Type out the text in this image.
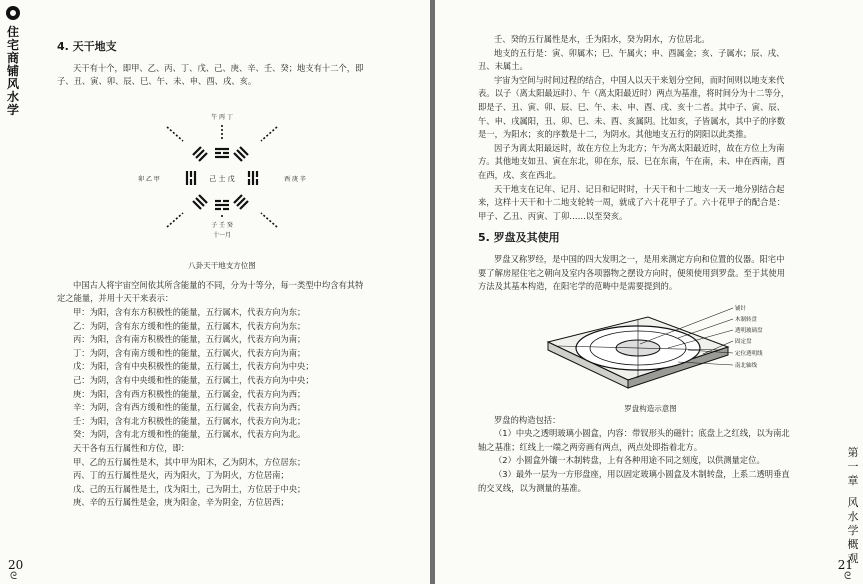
住宅商铺风水学
4. 天干地支

天干有十个，即甲、乙、丙、丁、戊、己、庚、辛、壬、癸；地支有十二个，即

子、丑、寅、卯、辰、巳、午、未、申、酉、戌、亥。

己 土 戊
午 丙 丁
子 壬 癸
十一月
卯 乙 甲	酉 庚 辛
八卦天干地支方位图

中国古人将宇宙空间依其所含能量的不同，分为十等分，每一类型中均含有其特

定之能量，并用十天干来表示：

甲：为阳，含有东方积极性的能量，五行属木，代表方向为东；

乙：为阴，含有东方缓和性的能量，五行属木，代表方向为东；

丙：为阳，含有南方积极性的能量，五行属火，代表方向为南；

丁：为阴，含有南方缓和性的能量，五行属火，代表方向为南；

戊：为阳，含有中央积极性的能量，五行属土，代表方向为中央；

己：为阴，含有中央缓和性的能量，五行属土，代表方向为中央；

庚：为阳，含有西方积极性的能量，五行属金，代表方向为西；

辛：为阴，含有西方缓和性的能量，五行属金，代表方向为西；

壬：为阳，含有北方积极性的能量，五行属水，代表方向为北；

癸：为阴，含有北方缓和性的能量，五行属水，代表方向为北。

天干各有五行属性和方位，即：

甲、乙的五行属性是木，其中甲为阳木，乙为阴木，方位居东；

丙、丁的五行属性是火，丙为阳火，丁为阴火，方位居南；

戊、己的五行属性是土，戊为阳土，己为阴土，方位居于中央；

庚、辛的五行属性是金，庚为阳金，辛为阴金，方位居西；

20
ᘓ

壬、癸的五行属性是水，壬为阳水，癸为阴水，方位居北。

地支的五行是：寅、卯属木；巳、午属火；申、酉属金；亥、子属水；辰、戌、

丑、未属土。

宇宙为空间与时间过程的结合，中国人以天干来划分空间，而时间则以地支来代

表。以子（离太阳最远时）、午（离太阳最近时）两点为基准，将时间分为十二等分，

即是子、丑、寅、卯、辰、巳、午、未、申、酉、戌、亥十二者。其中子、寅、辰、

午、申、戌属阳，丑、卯、巳、未、酉、亥属阴。比如亥，子皆属水，其中子的序数

是一，为阳水；亥的序数是十二，为阴水。其他地支五行的阴阳以此类推。

因子为离太阳最远时，故在方位上为北方；午为离太阳最近时，故在方位上为南

方。其他地支如丑、寅在东北，卯在东，辰、巳在东南，午在南，未、申在西南，酉

在西，戌、亥在西北。

天干地支在记年、记月、记日和记时时，十天干和十二地支一天一地分别结合起

来，这样十天干和十二地支轮转一周，就成了六十花甲子了。六十花甲子的配合是：

甲子、乙丑、丙寅、丁卯……以至癸亥。

5. 罗盘及其使用

罗盘又称罗经，是中国的四大发明之一，是用来测定方向和位置的仪器。阳宅中

要了解房屋住宅之朝向及室内各项器物之摆设方向时，便须使用到罗盘。至于其使用

方法及其基本构造，在阳宅学的范畴中是需要提到的。

铺针
木制转盘
透明玻璃盘
固定盘
定位透明线
南北轴线
罗盘构造示意图

罗盘的构造包括：

（1）中央之透明玻璃小圆盒，内容：带钗形头的磁针；底盘上之红线，以为南北

轴之基准；红线上一端之两旁画有两点，两点处即指着北方。

（2）小圆盒外镶一木制转盘，上有各种用途不同之刻度，以供测量定位。

（3）最外一层为一方形盘座，用以固定玻璃小圆盒及木制转盘，上系二透明垂直

的交叉线，以为测量的基准。

第一章
风水学概观
21
ᘓ
